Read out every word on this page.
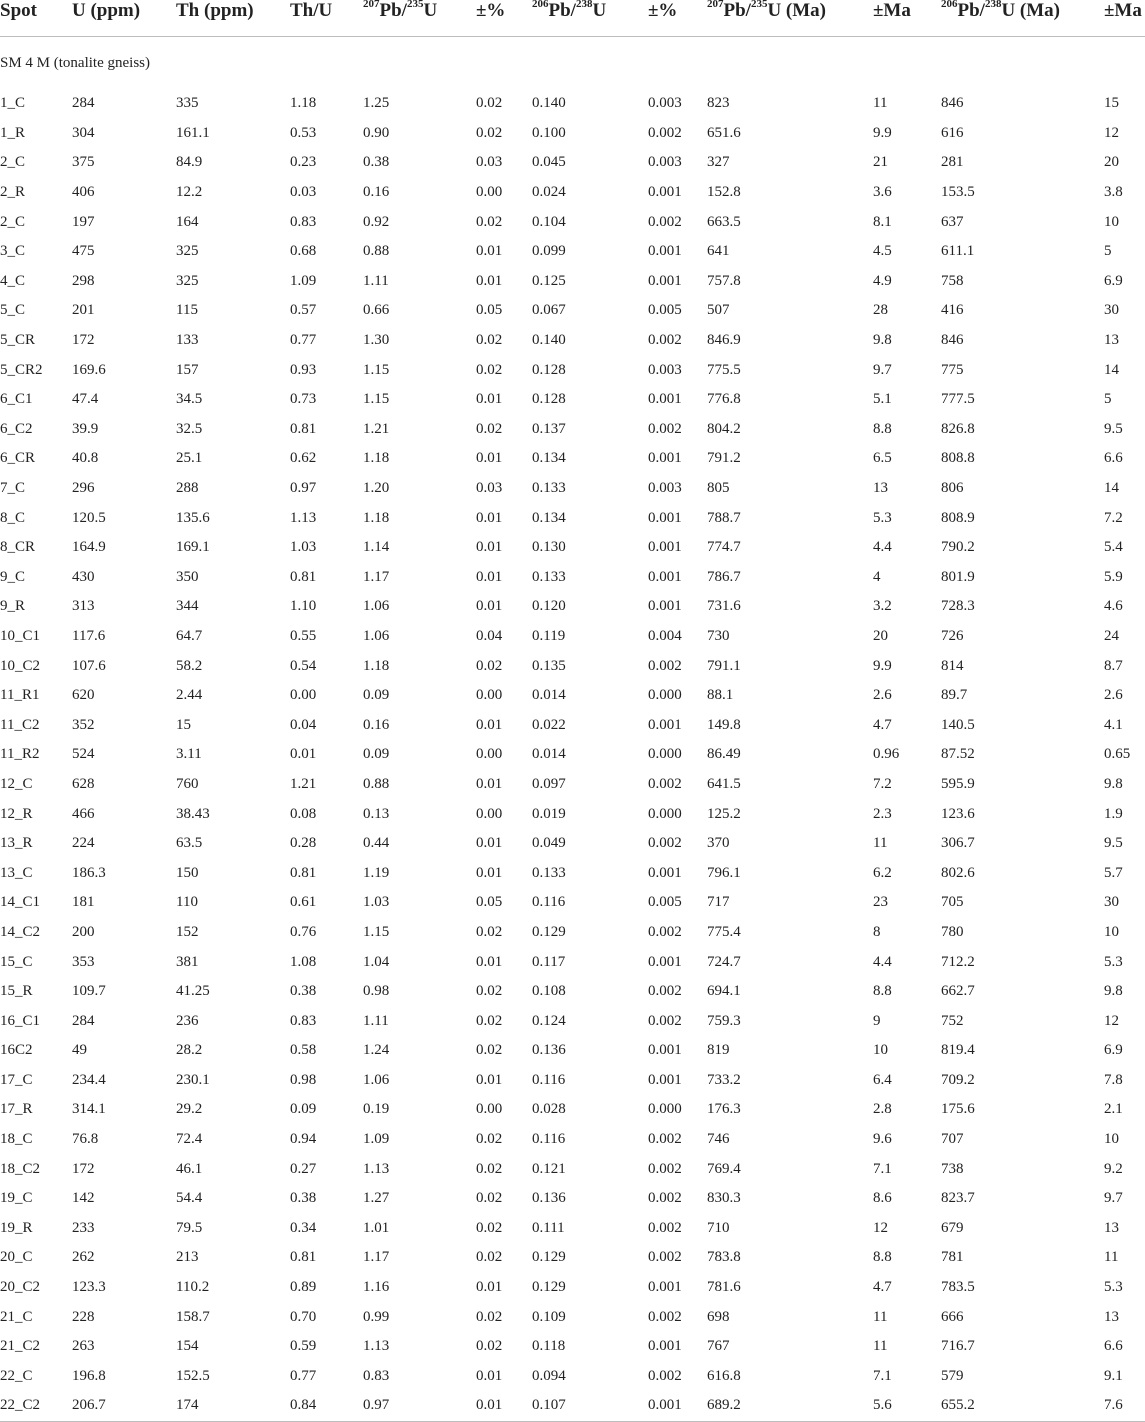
Spot	U (ppm)	Th (ppm)	Th/U	$^{207}$Pb/$^{235}$U	±%	$^{206}$Pb/$^{238}$U	±%	$^{207}$Pb/$^{235}$U (Ma)	±Ma	$^{206}$Pb/$^{238}$U (Ma)	±Ma
SM 4 M (tonalite gneiss)											
1_C	284	335	1.18	1.25	0.02	0.140	0.003	823	11	846	15
1_R	304	161.1	0.53	0.90	0.02	0.100	0.002	651.6	9.9	616	12
2_C	375	84.9	0.23	0.38	0.03	0.045	0.003	327	21	281	20
2_R	406	12.2	0.03	0.16	0.00	0.024	0.001	152.8	3.6	153.5	3.8
2_C	197	164	0.83	0.92	0.02	0.104	0.002	663.5	8.1	637	10
3_C	475	325	0.68	0.88	0.01	0.099	0.001	641	4.5	611.1	5
4_C	298	325	1.09	1.11	0.01	0.125	0.001	757.8	4.9	758	6.9
5_C	201	115	0.57	0.66	0.05	0.067	0.005	507	28	416	30
5_CR	172	133	0.77	1.30	0.02	0.140	0.002	846.9	9.8	846	13
5_CR2	169.6	157	0.93	1.15	0.02	0.128	0.003	775.5	9.7	775	14
6_C1	47.4	34.5	0.73	1.15	0.01	0.128	0.001	776.8	5.1	777.5	5
6_C2	39.9	32.5	0.81	1.21	0.02	0.137	0.002	804.2	8.8	826.8	9.5
6_CR	40.8	25.1	0.62	1.18	0.01	0.134	0.001	791.2	6.5	808.8	6.6
7_C	296	288	0.97	1.20	0.03	0.133	0.003	805	13	806	14
8_C	120.5	135.6	1.13	1.18	0.01	0.134	0.001	788.7	5.3	808.9	7.2
8_CR	164.9	169.1	1.03	1.14	0.01	0.130	0.001	774.7	4.4	790.2	5.4
9_C	430	350	0.81	1.17	0.01	0.133	0.001	786.7	4	801.9	5.9
9_R	313	344	1.10	1.06	0.01	0.120	0.001	731.6	3.2	728.3	4.6
10_C1	117.6	64.7	0.55	1.06	0.04	0.119	0.004	730	20	726	24
10_C2	107.6	58.2	0.54	1.18	0.02	0.135	0.002	791.1	9.9	814	8.7
11_R1	620	2.44	0.00	0.09	0.00	0.014	0.000	88.1	2.6	89.7	2.6
11_C2	352	15	0.04	0.16	0.01	0.022	0.001	149.8	4.7	140.5	4.1
11_R2	524	3.11	0.01	0.09	0.00	0.014	0.000	86.49	0.96	87.52	0.65
12_C	628	760	1.21	0.88	0.01	0.097	0.002	641.5	7.2	595.9	9.8
12_R	466	38.43	0.08	0.13	0.00	0.019	0.000	125.2	2.3	123.6	1.9
13_R	224	63.5	0.28	0.44	0.01	0.049	0.002	370	11	306.7	9.5
13_C	186.3	150	0.81	1.19	0.01	0.133	0.001	796.1	6.2	802.6	5.7
14_C1	181	110	0.61	1.03	0.05	0.116	0.005	717	23	705	30
14_C2	200	152	0.76	1.15	0.02	0.129	0.002	775.4	8	780	10
15_C	353	381	1.08	1.04	0.01	0.117	0.001	724.7	4.4	712.2	5.3
15_R	109.7	41.25	0.38	0.98	0.02	0.108	0.002	694.1	8.8	662.7	9.8
16_C1	284	236	0.83	1.11	0.02	0.124	0.002	759.3	9	752	12
16C2	49	28.2	0.58	1.24	0.02	0.136	0.001	819	10	819.4	6.9
17_C	234.4	230.1	0.98	1.06	0.01	0.116	0.001	733.2	6.4	709.2	7.8
17_R	314.1	29.2	0.09	0.19	0.00	0.028	0.000	176.3	2.8	175.6	2.1
18_C	76.8	72.4	0.94	1.09	0.02	0.116	0.002	746	9.6	707	10
18_C2	172	46.1	0.27	1.13	0.02	0.121	0.002	769.4	7.1	738	9.2
19_C	142	54.4	0.38	1.27	0.02	0.136	0.002	830.3	8.6	823.7	9.7
19_R	233	79.5	0.34	1.01	0.02	0.111	0.002	710	12	679	13
20_C	262	213	0.81	1.17	0.02	0.129	0.002	783.8	8.8	781	11
20_C2	123.3	110.2	0.89	1.16	0.01	0.129	0.001	781.6	4.7	783.5	5.3
21_C	228	158.7	0.70	0.99	0.02	0.109	0.002	698	11	666	13
21_C2	263	154	0.59	1.13	0.02	0.118	0.001	767	11	716.7	6.6
22_C	196.8	152.5	0.77	0.83	0.01	0.094	0.002	616.8	7.1	579	9.1
22_C2	206.7	174	0.84	0.97	0.01	0.107	0.001	689.2	5.6	655.2	7.6
